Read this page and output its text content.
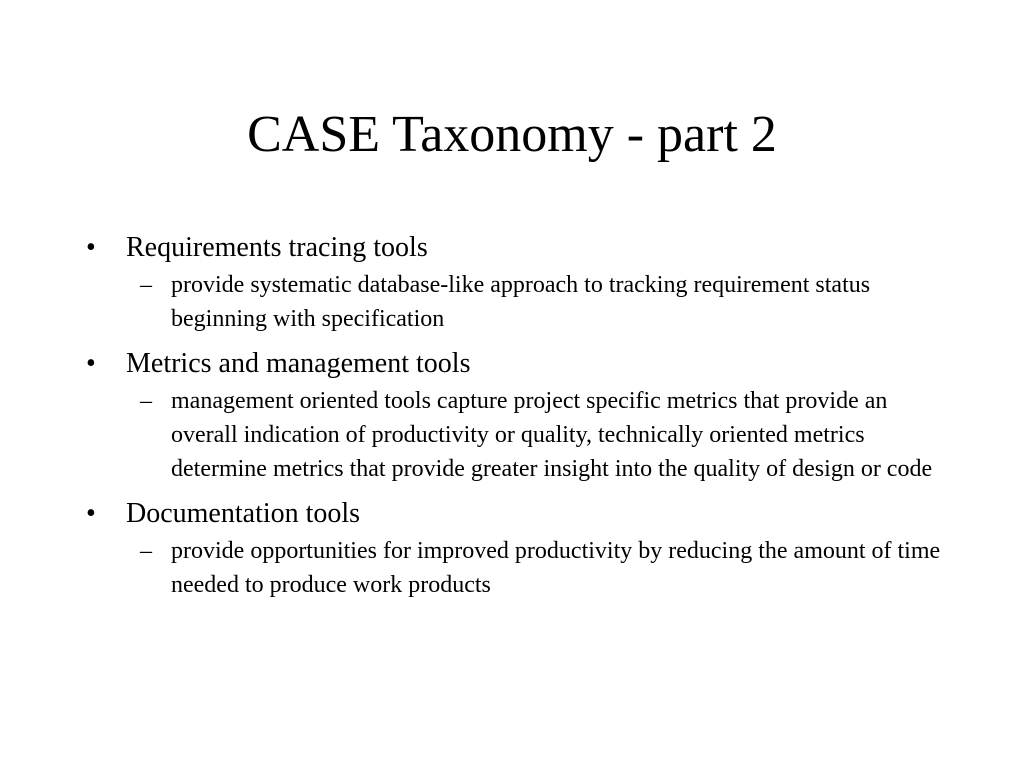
CASE Taxonomy - part 2
• Requirements tracing tools
– provide systematic database-like approach to tracking requirement status beginning with specification
• Metrics and management tools
– management oriented tools capture project specific metrics that provide an overall indication of productivity or quality, technically oriented metrics determine metrics that provide greater insight into the quality of design or code
• Documentation tools
– provide opportunities for improved productivity by reducing the amount of time needed to produce work products
